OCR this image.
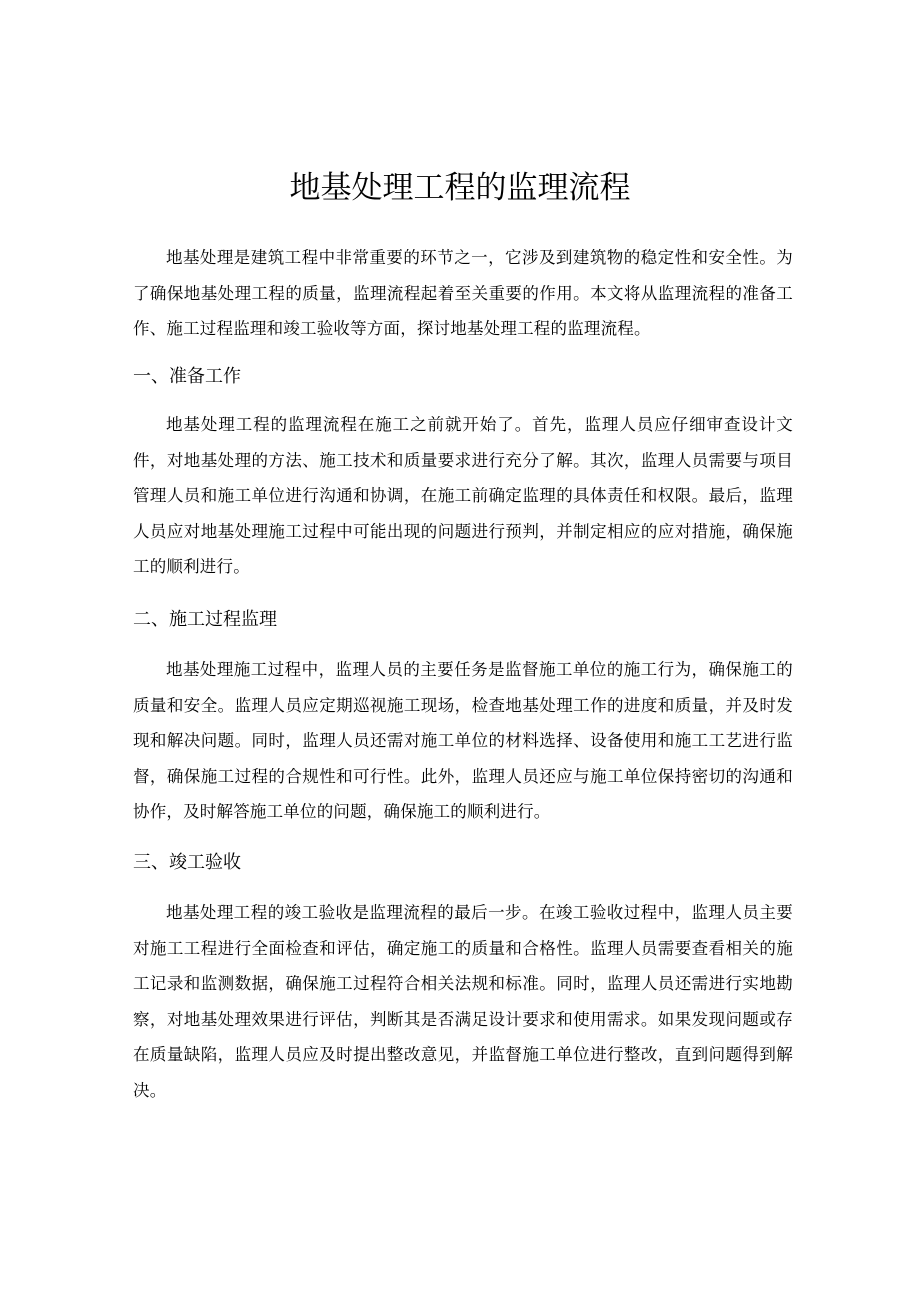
地基处理工程的监理流程

地基处理是建筑工程中非常重要的环节之一，它涉及到建筑物的稳定性和安全性。为了确保地基处理工程的质量，监理流程起着至关重要的作用。本文将从监理流程的准备工作、施工过程监理和竣工验收等方面，探讨地基处理工程的监理流程。

一、准备工作

地基处理工程的监理流程在施工之前就开始了。首先，监理人员应仔细审查设计文件，对地基处理的方法、施工技术和质量要求进行充分了解。其次，监理人员需要与项目管理人员和施工单位进行沟通和协调，在施工前确定监理的具体责任和权限。最后，监理人员应对地基处理施工过程中可能出现的问题进行预判，并制定相应的应对措施，确保施工的顺利进行。

二、施工过程监理

地基处理施工过程中，监理人员的主要任务是监督施工单位的施工行为，确保施工的质量和安全。监理人员应定期巡视施工现场，检查地基处理工作的进度和质量，并及时发现和解决问题。同时，监理人员还需对施工单位的材料选择、设备使用和施工工艺进行监督，确保施工过程的合规性和可行性。此外，监理人员还应与施工单位保持密切的沟通和协作，及时解答施工单位的问题，确保施工的顺利进行。

三、竣工验收

地基处理工程的竣工验收是监理流程的最后一步。在竣工验收过程中，监理人员主要对施工工程进行全面检查和评估，确定施工的质量和合格性。监理人员需要查看相关的施工记录和监测数据，确保施工过程符合相关法规和标准。同时，监理人员还需进行实地勘察，对地基处理效果进行评估，判断其是否满足设计要求和使用需求。如果发现问题或存在质量缺陷，监理人员应及时提出整改意见，并监督施工单位进行整改，直到问题得到解决。
